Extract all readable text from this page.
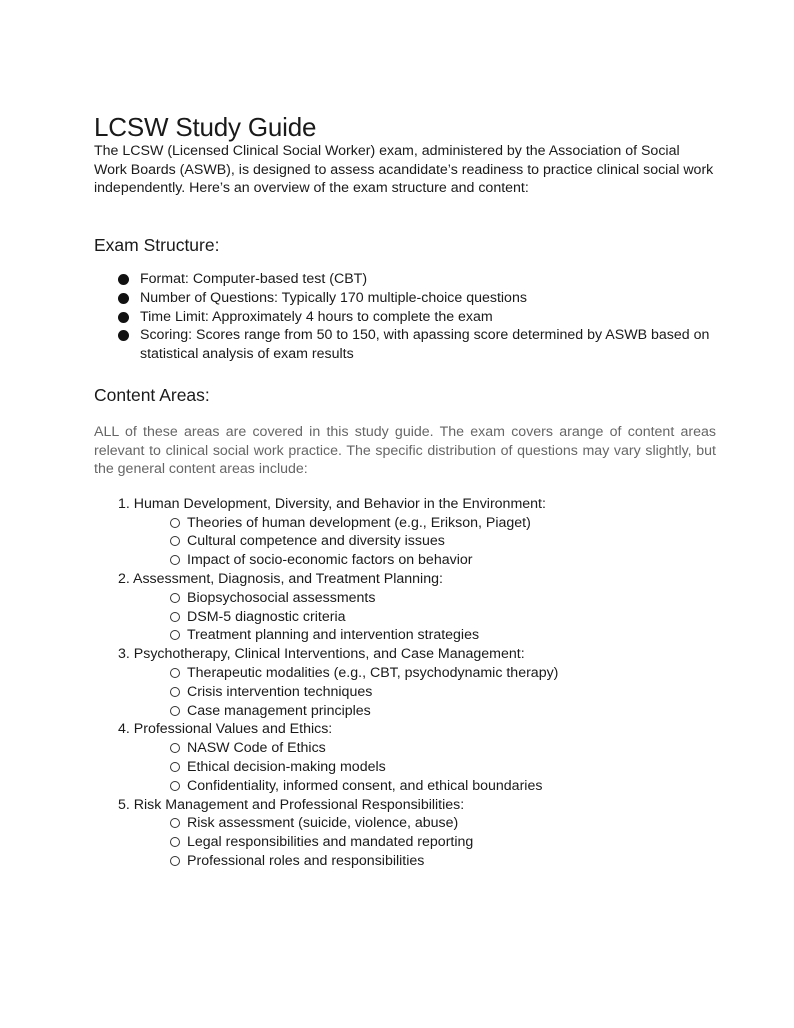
LCSW Study Guide

The LCSW (Licensed Clinical Social Worker) exam, administered by the Association of Social Work Boards (ASWB), is designed to assess acandidate’s readiness to practice clinical social work independently. Here’s an overview of the exam structure and content:

Exam Structure:
Format: Computer-based test (CBT)
Number of Questions: Typically 170 multiple-choice questions
Time Limit: Approximately 4 hours to complete the exam
Scoring: Scores range from 50 to 150, with apassing score determined by ASWB based on statistical analysis of exam results
Content Areas:

ALL of these areas are covered in this study guide. The exam covers arange of content areas relevant to clinical social work practice. The specific distribution of questions may vary slightly, but the general content areas include:

1. Human Development, Diversity, and Behavior in the Environment:
Theories of human development (e.g., Erikson, Piaget)
Cultural competence and diversity issues
Impact of socio-economic factors on behavior
2. Assessment, Diagnosis, and Treatment Planning:
Biopsychosocial assessments
DSM-5 diagnostic criteria
Treatment planning and intervention strategies
3. Psychotherapy, Clinical Interventions, and Case Management:
Therapeutic modalities (e.g., CBT, psychodynamic therapy)
Crisis intervention techniques
Case management principles
4. Professional Values and Ethics:
NASW Code of Ethics
Ethical decision-making models
Confidentiality, informed consent, and ethical boundaries
5. Risk Management and Professional Responsibilities:
Risk assessment (suicide, violence, abuse)
Legal responsibilities and mandated reporting
Professional roles and responsibilities
